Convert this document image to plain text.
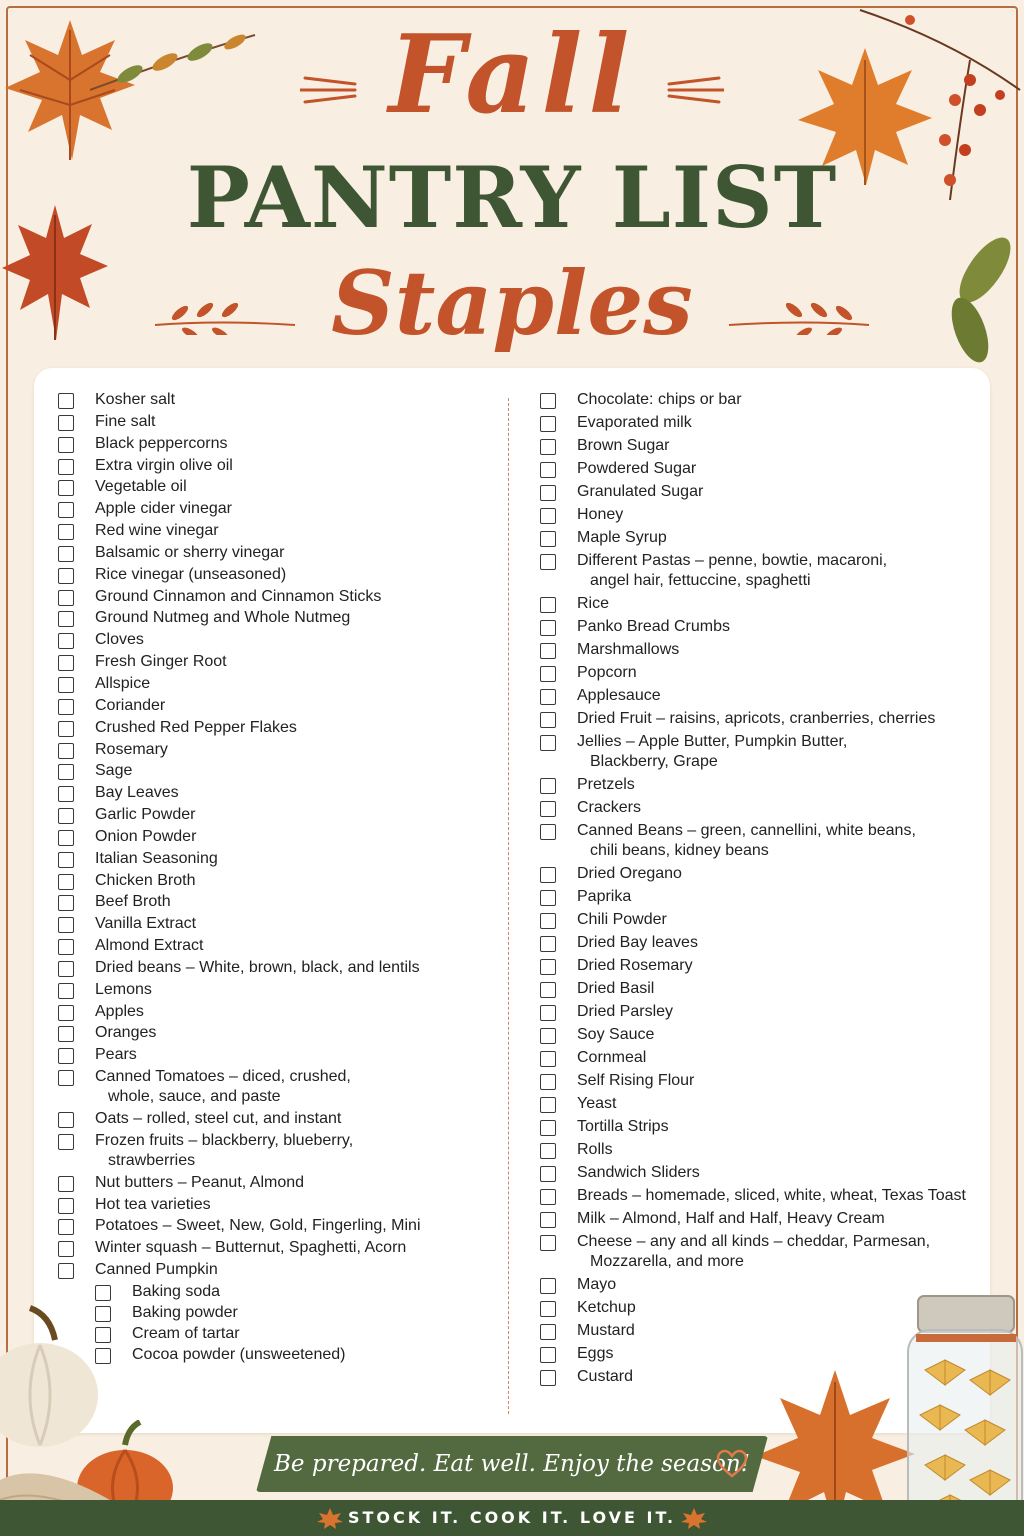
Fall
PANTRY LIST
Staples
Kosher salt
Fine salt
Black peppercorns
Extra virgin olive oil
Vegetable oil
Apple cider vinegar
Red wine vinegar
Balsamic or sherry vinegar
Rice vinegar (unseasoned)
Ground Cinnamon and Cinnamon Sticks
Ground Nutmeg and Whole Nutmeg
Cloves
Fresh Ginger Root
Allspice
Coriander
Crushed Red Pepper Flakes
Rosemary
Sage
Bay Leaves
Garlic Powder
Onion Powder
Italian Seasoning
Chicken Broth
Beef Broth
Vanilla Extract
Almond Extract
Dried beans – White, brown, black, and lentils
Lemons
Apples
Oranges
Pears
Canned Tomatoes – diced, crushed,
whole, sauce, and paste
Oats – rolled, steel cut, and instant
Frozen fruits – blackberry, blueberry,
strawberries
Nut butters – Peanut, Almond
Hot tea varieties
Potatoes – Sweet, New, Gold, Fingerling, Mini
Winter squash – Butternut, Spaghetti, Acorn
Canned Pumpkin
Baking soda
Baking powder
Cream of tartar
Cocoa powder (unsweetened)
Chocolate: chips or bar
Evaporated milk
Brown Sugar
Powdered Sugar
Granulated Sugar
Honey
Maple Syrup
Different Pastas – penne, bowtie, macaroni,
angel hair, fettuccine, spaghetti
Rice
Panko Bread Crumbs
Marshmallows
Popcorn
Applesauce
Dried Fruit – raisins, apricots, cranberries, cherries
Jellies – Apple Butter, Pumpkin Butter,
Blackberry, Grape
Pretzels
Crackers
Canned Beans – green, cannellini, white beans,
chili beans, kidney beans
Dried Oregano
Paprika
Chili Powder
Dried Bay leaves
Dried Rosemary
Dried Basil
Dried Parsley
Soy Sauce
Cornmeal
Self Rising Flour
Yeast
Tortilla Strips
Rolls
Sandwich Sliders
Breads – homemade, sliced, white, wheat, Texas Toast
Milk – Almond, Half and Half, Heavy Cream
Cheese – any and all kinds – cheddar, Parmesan,
Mozzarella, and more
Mayo
Ketchup
Mustard
Eggs
Custard
Be prepared. Eat well. Enjoy the season!
STOCK IT. COOK IT. LOVE IT.
